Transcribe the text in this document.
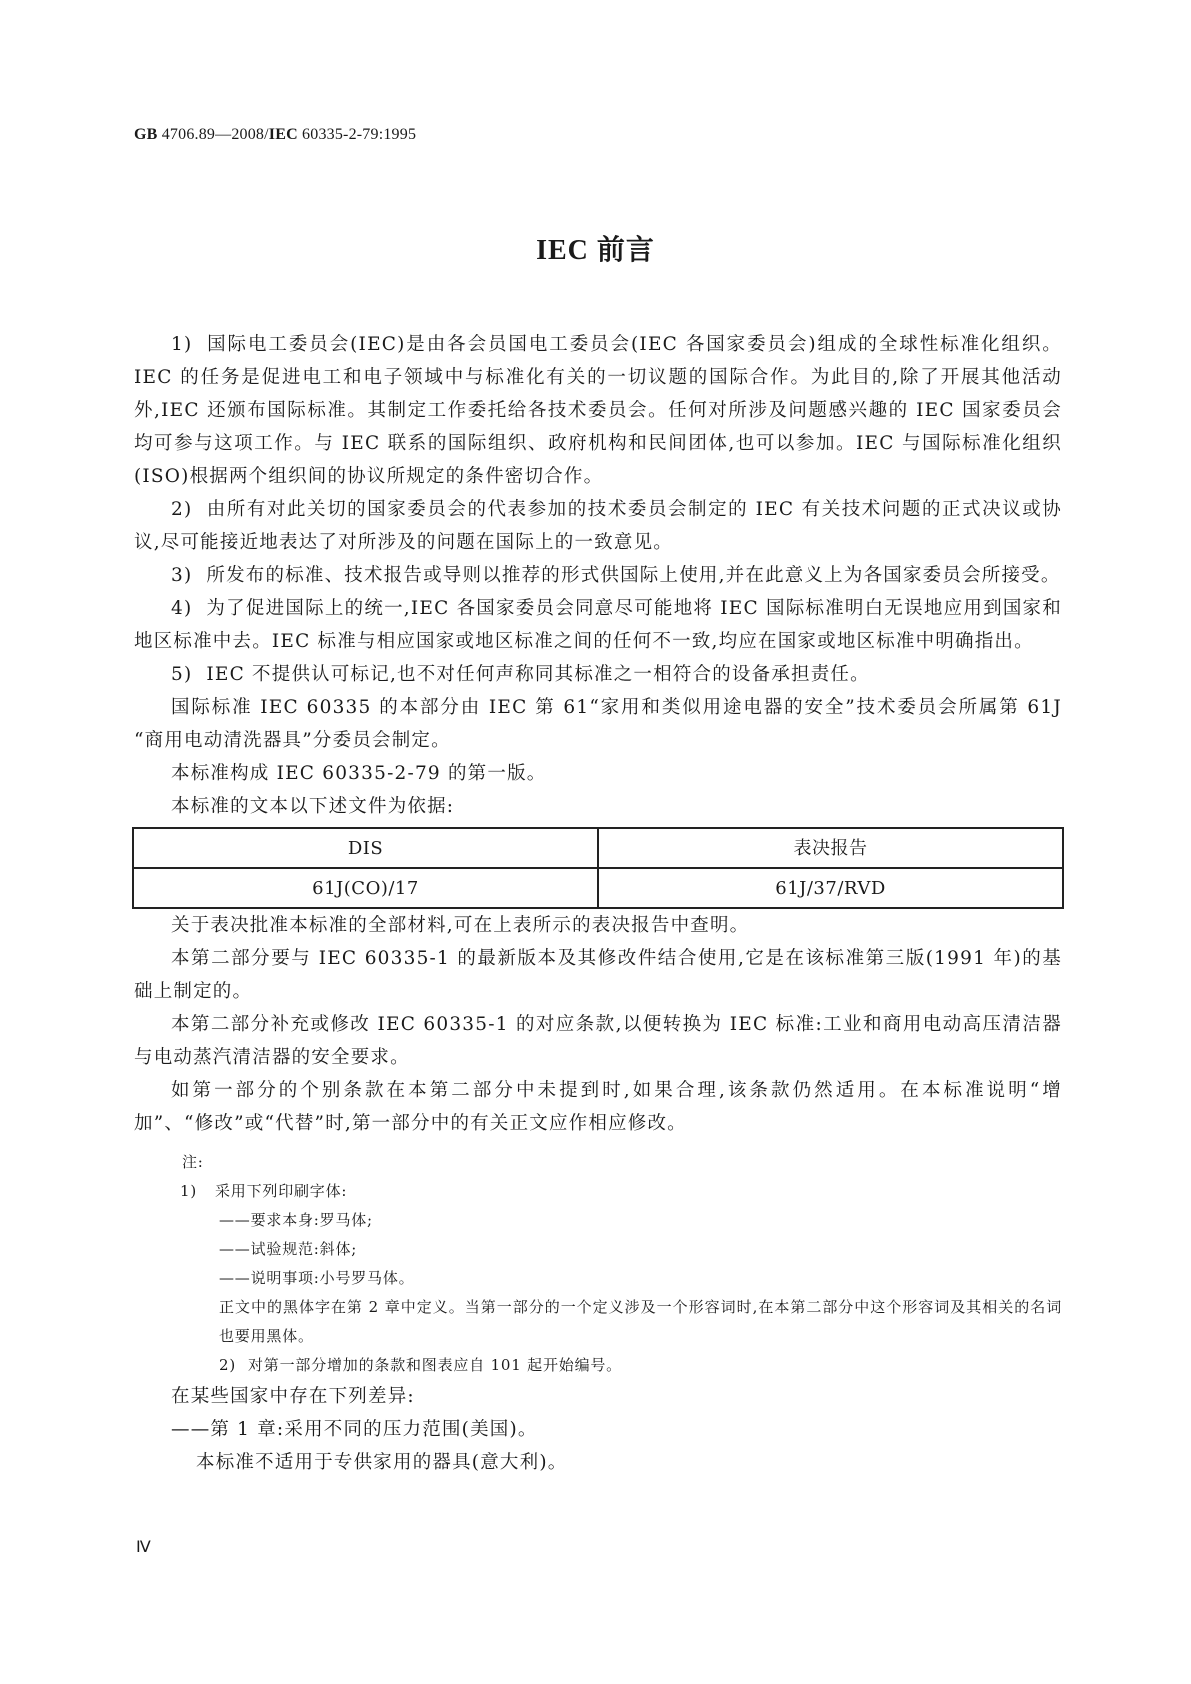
GB 4706.89—2008/IEC 60335-2-79:1995
IEC 前言

1) 国际电工委员会(IEC)是由各会员国电工委员会(IEC 各国家委员会)组成的全球性标准化组织。IEC 的任务是促进电工和电子领域中与标准化有关的一切议题的国际合作。为此目的,除了开展其他活动外,IEC 还颁布国际标准。其制定工作委托给各技术委员会。任何对所涉及问题感兴趣的 IEC 国家委员会均可参与这项工作。与 IEC 联系的国际组织、政府机构和民间团体,也可以参加。IEC 与国际标准化组织(ISO)根据两个组织间的协议所规定的条件密切合作。

2) 由所有对此关切的国家委员会的代表参加的技术委员会制定的 IEC 有关技术问题的正式决议或协议,尽可能接近地表达了对所涉及的问题在国际上的一致意见。

3) 所发布的标准、技术报告或导则以推荐的形式供国际上使用,并在此意义上为各国家委员会所接受。

4) 为了促进国际上的统一,IEC 各国家委员会同意尽可能地将 IEC 国际标准明白无误地应用到国家和地区标准中去。IEC 标准与相应国家或地区标准之间的任何不一致,均应在国家或地区标准中明确指出。

5) IEC 不提供认可标记,也不对任何声称同其标准之一相符合的设备承担责任。

国际标准 IEC 60335 的本部分由 IEC 第 61“家用和类似用途电器的安全”技术委员会所属第 61J “商用电动清洗器具”分委员会制定。

本标准构成 IEC 60335-2-79 的第一版。

本标准的文本以下述文件为依据:

DIS	表决报告
61J(CO)/17	61J/37/RVD

关于表决批准本标准的全部材料,可在上表所示的表决报告中查明。

本第二部分要与 IEC 60335-1 的最新版本及其修改件结合使用,它是在该标准第三版(1991 年)的基础上制定的。

本第二部分补充或修改 IEC 60335-1 的对应条款,以便转换为 IEC 标准:工业和商用电动高压清洁器与电动蒸汽清洁器的安全要求。

如第一部分的个别条款在本第二部分中未提到时,如果合理,该条款仍然适用。在本标准说明“增加”、“修改”或“代替”时,第一部分中的有关正文应作相应修改。

注:
1) 采用下列印刷字体:
——要求本身:罗马体;
——试验规范:斜体;
——说明事项:小号罗马体。
正文中的黑体字在第 2 章中定义。当第一部分的一个定义涉及一个形容词时,在本第二部分中这个形容词及其相关的名词也要用黑体。
2) 对第一部分增加的条款和图表应自 101 起开始编号。
在某些国家中存在下列差异:
——第 1 章:采用不同的压力范围(美国)。
本标准不适用于专供家用的器具(意大利)。
Ⅳ
